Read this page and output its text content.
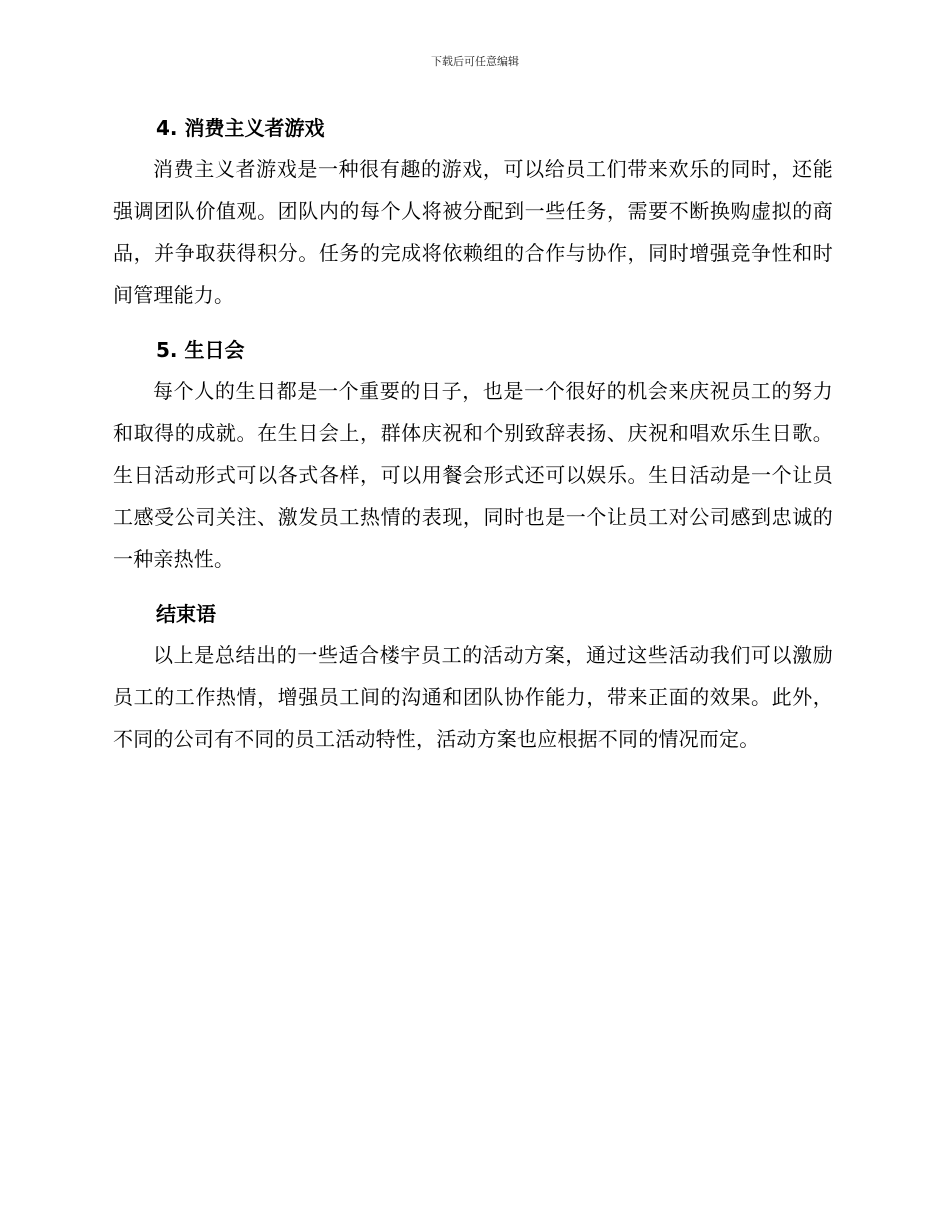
下载后可任意编辑
4. 消费主义者游戏

消费主义者游戏是一种很有趣的游戏，可以给员工们带来欢乐的同时，还能强调团队价值观。团队内的每个人将被分配到一些任务，需要不断换购虚拟的商品，并争取获得积分。任务的完成将依赖组的合作与协作，同时增强竞争性和时间管理能力。

5. 生日会

每个人的生日都是一个重要的日子，也是一个很好的机会来庆祝员工的努力和取得的成就。在生日会上，群体庆祝和个别致辞表扬、庆祝和唱欢乐生日歌。生日活动形式可以各式各样，可以用餐会形式还可以娱乐。生日活动是一个让员工感受公司关注、激发员工热情的表现，同时也是一个让员工对公司感到忠诚的一种亲热性。

结束语

以上是总结出的一些适合楼宇员工的活动方案，通过这些活动我们可以激励员工的工作热情，增强员工间的沟通和团队协作能力，带来正面的效果。此外，不同的公司有不同的员工活动特性，活动方案也应根据不同的情况而定。
